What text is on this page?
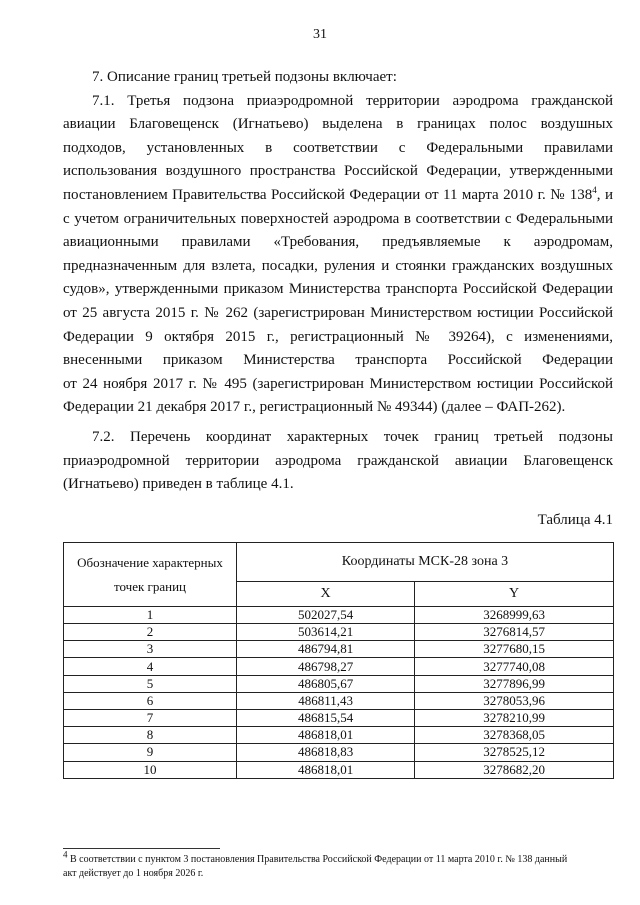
31
7. Описание границ третьей подзоны включает:
7.1. Третья подзона приаэродромной территории аэродрома гражданской
авиации Благовещенск (Игнатьево) выделена в границах полос воздушных
подходов, установленных в соответствии с Федеральными правилами
использования воздушного пространства Российской Федерации, утвержденными
постановлением Правительства Российской Федерации от 11 марта 2010 г. № $138^4$, и
с учетом ограничительных поверхностей аэродрома в соответствии с Федеральными
авиационными правилами «Требования, предъявляемые к аэродромам,
предназначенным для взлета, посадки, руления и стоянки гражданских воздушных
судов», утвержденными приказом Министерства транспорта Российской Федерации
от 25 августа 2015 г. № 262 (зарегистрирован Министерством юстиции Российской
Федерации 9 октября 2015 г., регистрационный № 39264), с изменениями,
внесенными приказом Министерства транспорта Российской Федерации
от 24 ноября 2017 г. № 495 (зарегистрирован Министерством юстиции Российской
Федерации 21 декабря 2017 г., регистрационный № 49344) (далее – ФАП-262).
7.2. Перечень координат характерных точек границ третьей подзоны
приаэродромной территории аэродрома гражданской авиации Благовещенск
(Игнатьево) приведен в таблице 4.1.
Таблица 4.1
Обозначение характерных точек границ	Координаты МСК-28 зона 3	
	X	Y
1	502027,54	3268999,63
2	503614,21	3276814,57
3	486794,81	3277680,15
4	486798,27	3277740,08
5	486805,67	3277896,99
6	486811,43	3278053,96
7	486815,54	3278210,99
8	486818,01	3278368,05
9	486818,83	3278525,12
10	486818,01	3278682,20
$^4$ В соответствии с пунктом 3 постановления Правительства Российской Федерации от 11 марта 2010 г. № 138 данный
акт действует до 1 ноября 2026 г.
